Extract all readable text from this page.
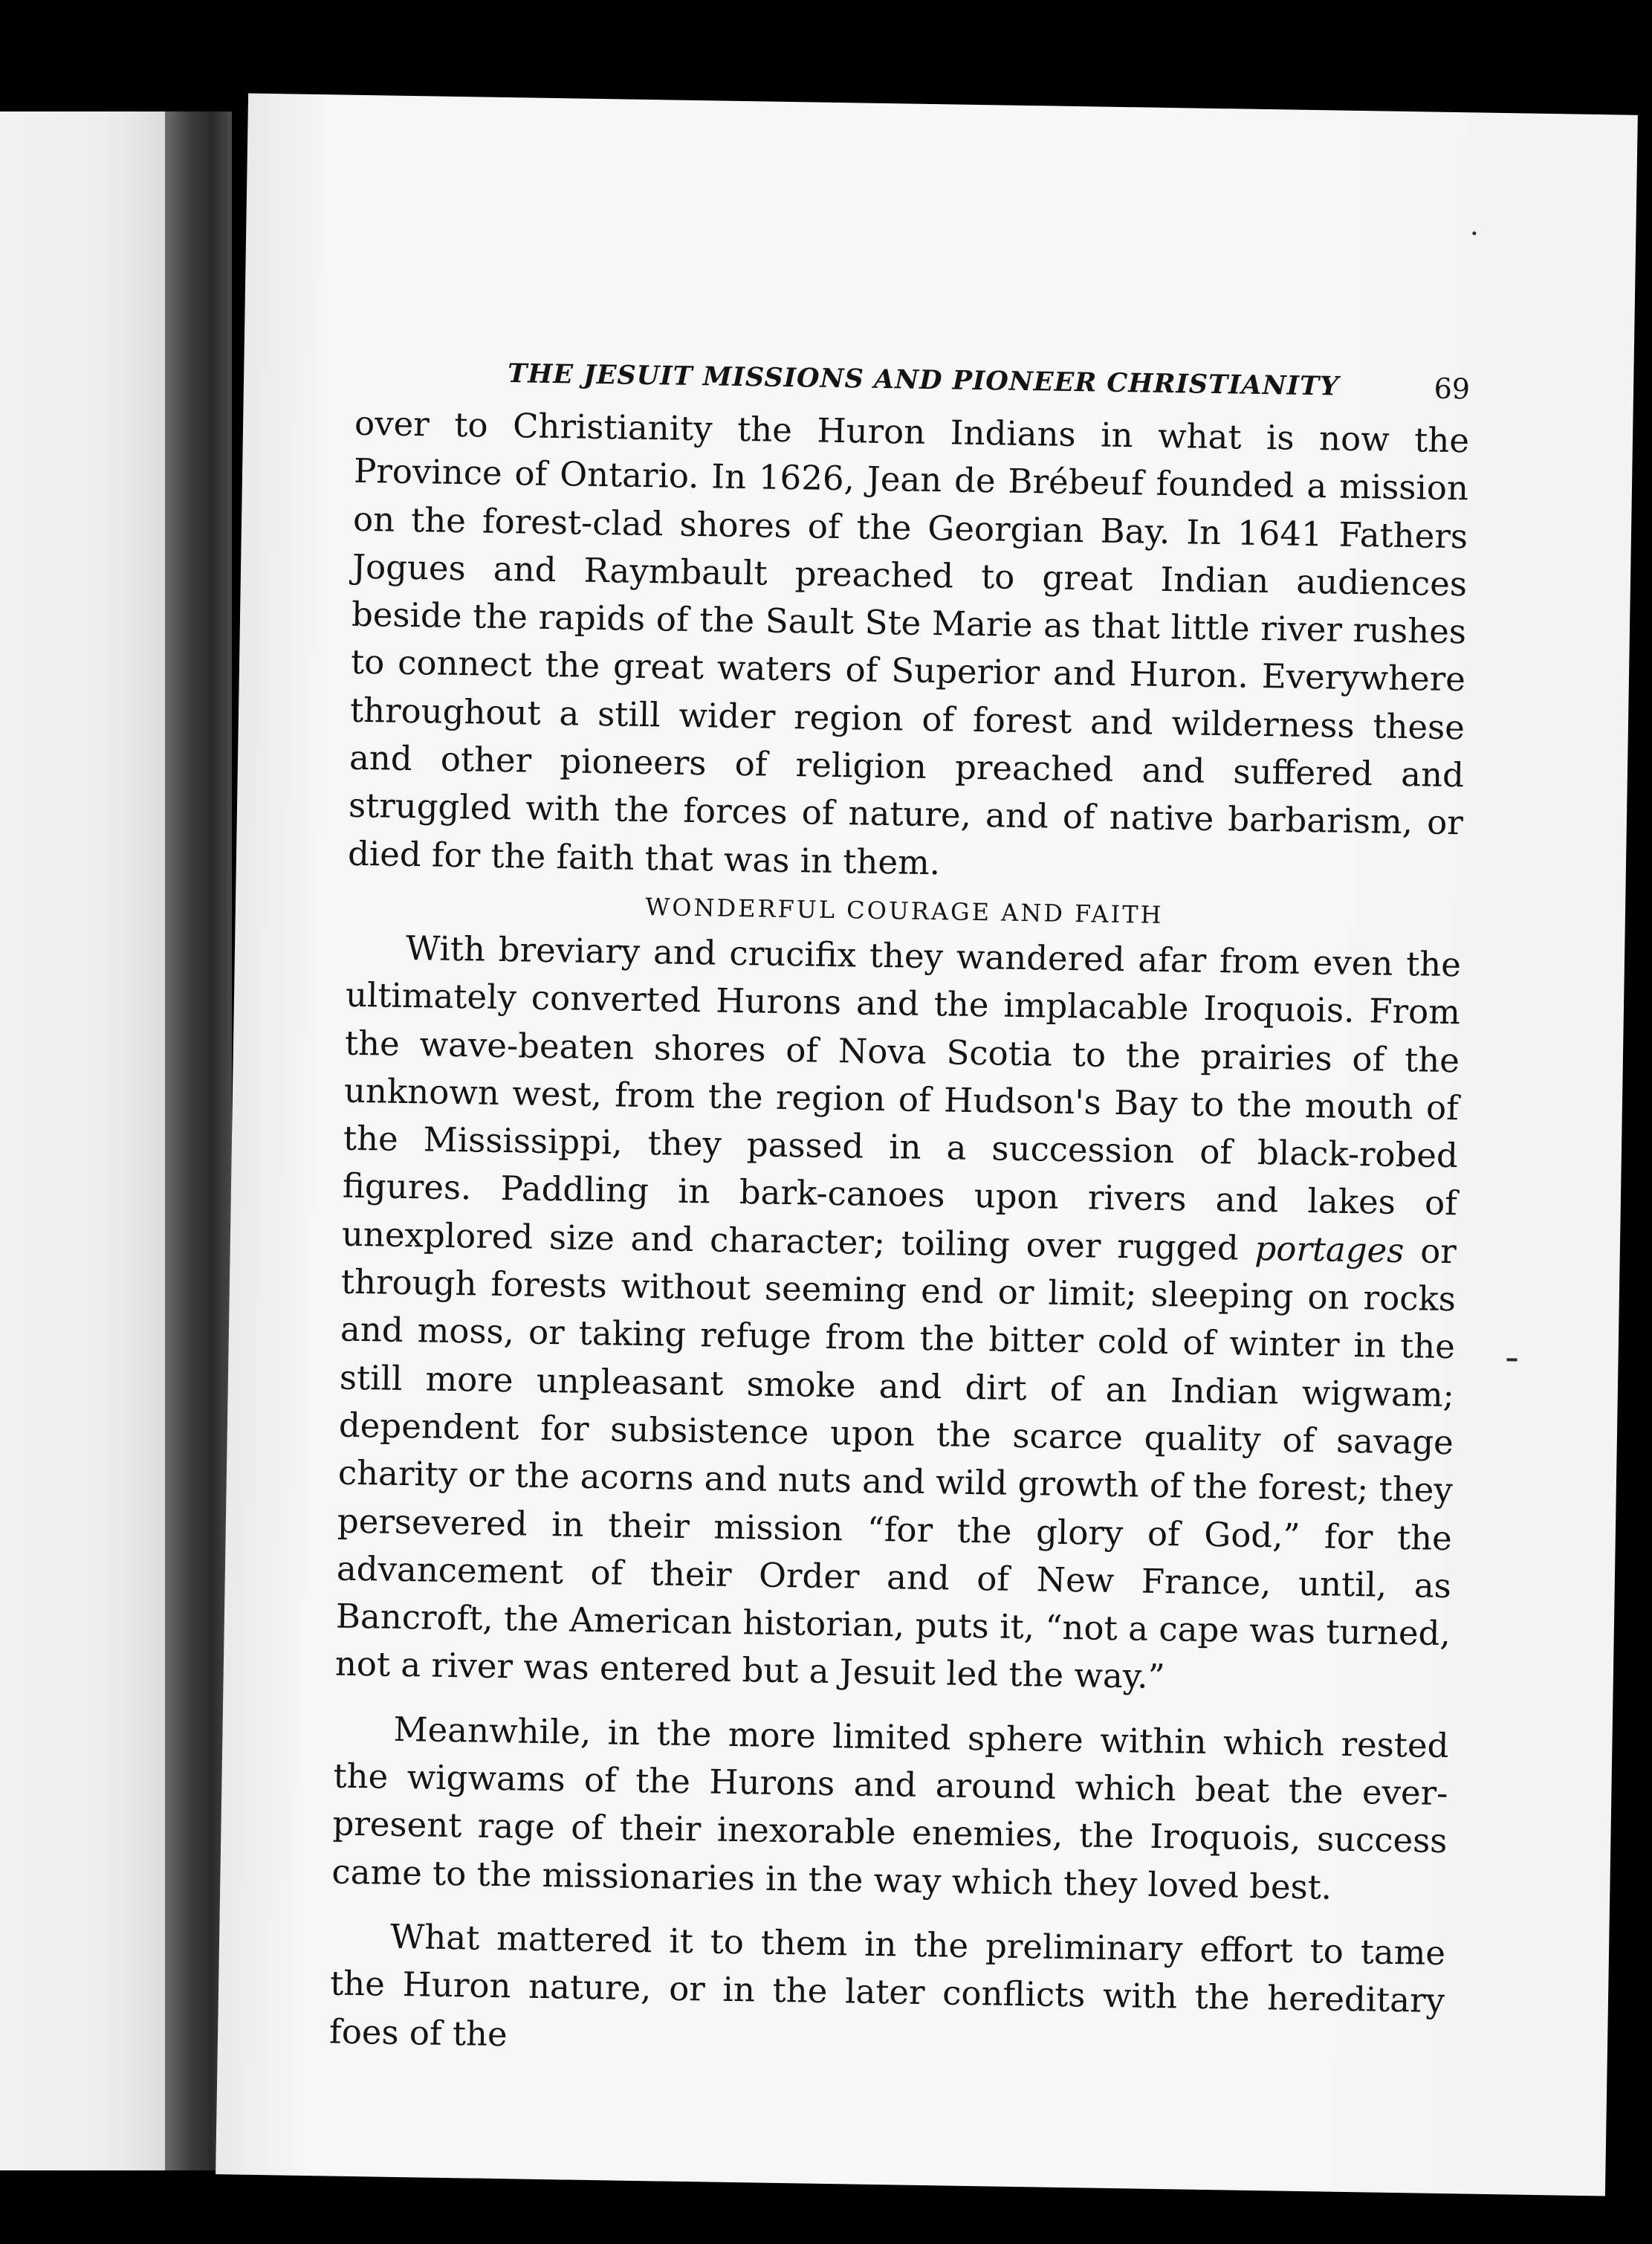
THE JESUIT MISSIONS AND PIONEER CHRISTIANITY	69

over to Christianity the Huron Indians in what is now the Province of Ontario. In 1626, Jean de Brébeuf founded a mission on the forest-clad shores of the Georgian Bay. In 1641 Fathers Jogues and Raymbault preached to great Indian audiences beside the rapids of the Sault Ste Marie as that little river rushes to connect the great waters of Superior and Huron. Everywhere throughout a still wider region of forest and wilderness these and other pioneers of religion preached and suffered and struggled with the forces of nature, and of native barbarism, or died for the faith that was in them.

WONDERFUL COURAGE AND FAITH

With breviary and crucifix they wandered afar from even the ultimately converted Hurons and the implacable Iroquois. From the wave-beaten shores of Nova Scotia to the prairies of the unknown west, from the region of Hudson's Bay to the mouth of the Mississippi, they passed in a succession of black-robed figures. Paddling in bark-canoes upon rivers and lakes of unexplored size and character; toiling over rugged portages or through forests without seeming end or limit; sleeping on rocks and moss, or taking refuge from the bitter cold of winter in the still more unpleasant smoke and dirt of an Indian wigwam; dependent for subsistence upon the scarce quality of savage charity or the acorns and nuts and wild growth of the forest; they persevered in their mission “for the glory of God,” for the advancement of their Order and of New France, until, as Bancroft, the American historian, puts it, “not a cape was turned, not a river was entered but a Jesuit led the way.”

Meanwhile, in the more limited sphere within which rested the wigwams of the Hurons and around which beat the ever-present rage of their inexorable enemies, the Iroquois, success came to the missionaries in the way which they loved best.

What mattered it to them in the preliminary effort to tame the Huron nature, or in the later conflicts with the hereditary foes of the
